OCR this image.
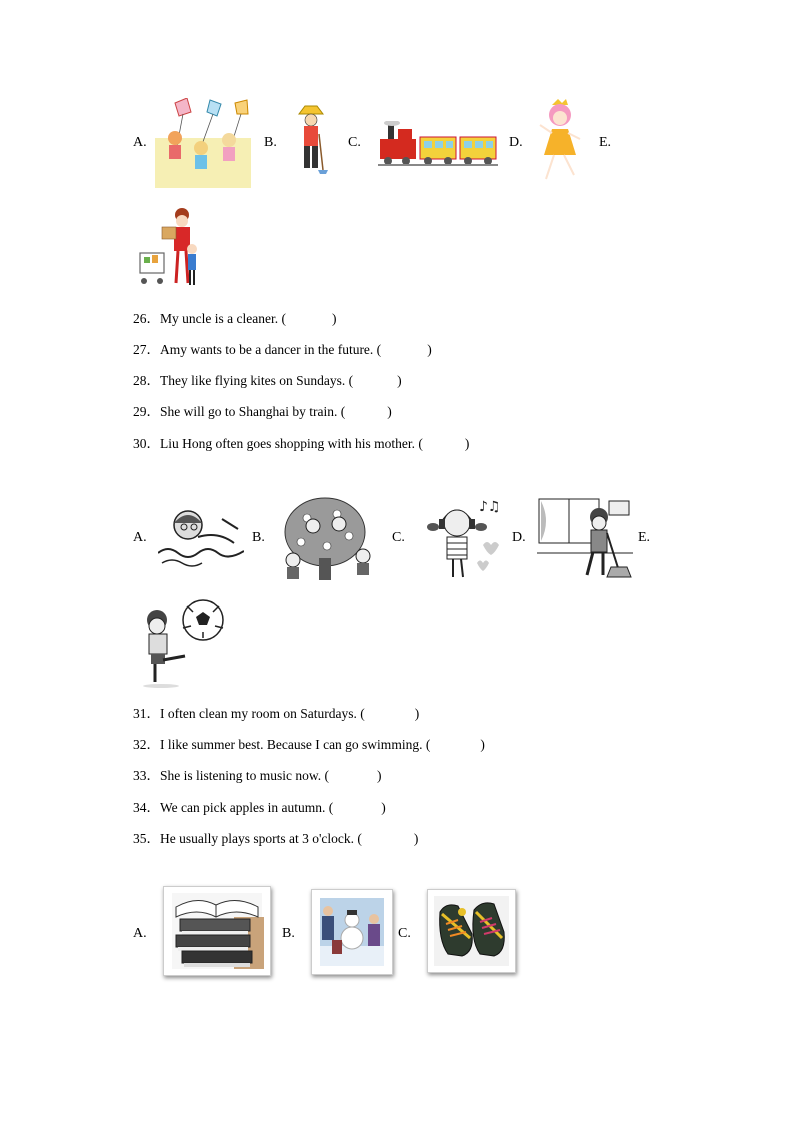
A.	B.	C.	D.	E.
26．My uncle is a cleaner. (	)
27．Amy wants to be a dancer in the future. (	)
28．They like flying kites on Sundays. (	)
29．She will go to Shanghai by train. (	)
30．Liu Hong often goes shopping with his mother. (	)
A.	B.	C.
♪♫
D.	E.
31．I often clean my room on Saturdays. (	)
32．I like summer best. Because I can go swimming. (	)
33．She is listening to music now. (	)
34．We can pick apples in autumn. (	)
35．He usually plays sports at 3 o'clock. (	)
A.	B.	C.
